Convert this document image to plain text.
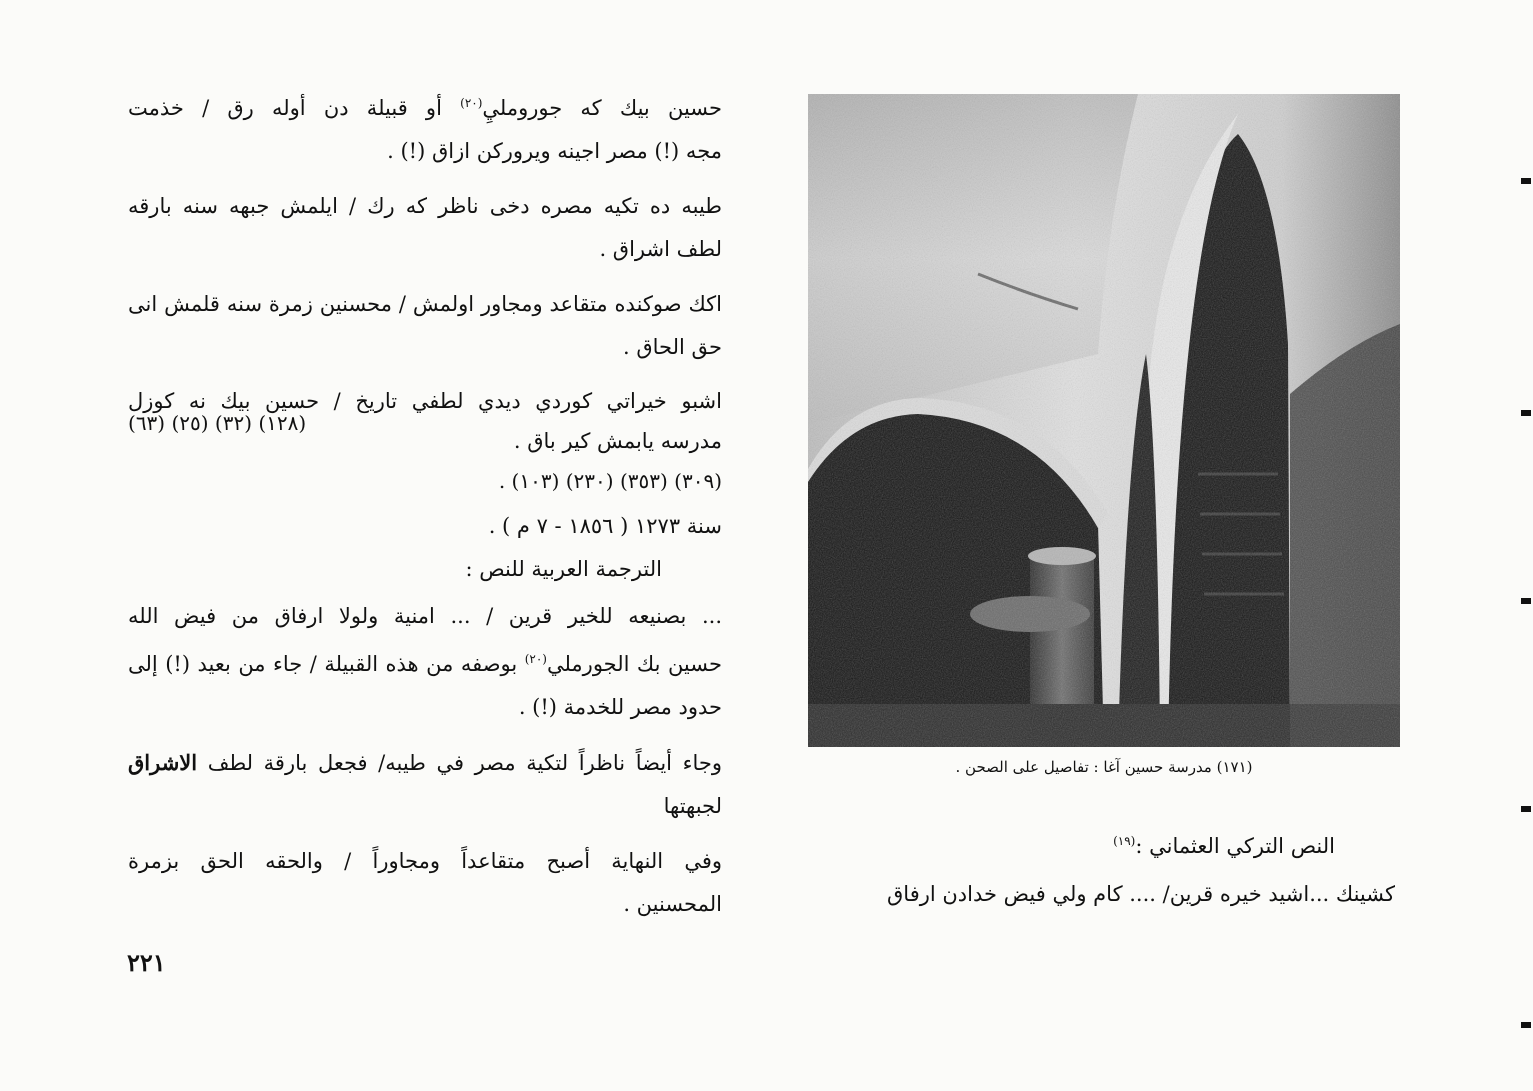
حسين بيك كه جورومليِ$^{(٢٠)}$ أو قبيلة دن أوله رق / خذمت
مجه (!) مصر اجينه ويرورکن ازاق (!) .
طيبه ده تكيه مصره دخى ناظر كه رك / ايلمش جبهه سنه بارقه
لطف اشراق .
اكك صوكنده متقاعد ومجاور اولمش / محسنين زمرة سنه قلمش انى
حق الحاق .
اشبو خيراتي كوردي ديدي لطفي تاريخ / حسين بيك نه كوزل
مدرسه يابمش كير باق .
(١٢٨) (٣٢) (٢٥) (٦٣)
(٣٠٩) (٣٥٣) (٢٣٠) (١٠٣) .
سنة ١٢٧٣ ( ١٨٥٦ - ٧ م ) .
الترجمة العربية للنص :
... بصنيعه للخير قرين / ... امنية ولولا ارفاق من فيض الله
حسين بك الجورملي$^{(٢٠)}$ بوصفه من هذه القبيلة / جاء من بعيد (!) إلى
حدود مصر للخدمة (!) .
وجاء أيضاً ناظراً لتكية مصر في طيبه/ فجعل بارقة لطف الاشراق
لجبهتها
وفي النهاية أصبح متقاعداً ومجاوراً / والحقه الحق بزمرة
المحسنين .
٢٢١
(١٧١) مدرسة حسين آغا : تفاصيل على الصحن .
النص التركي العثماني :$^{(١٩)}$
كشينك ...اشيد خيره قرين/ .... كام ولي فيض خدادن ارفاق
